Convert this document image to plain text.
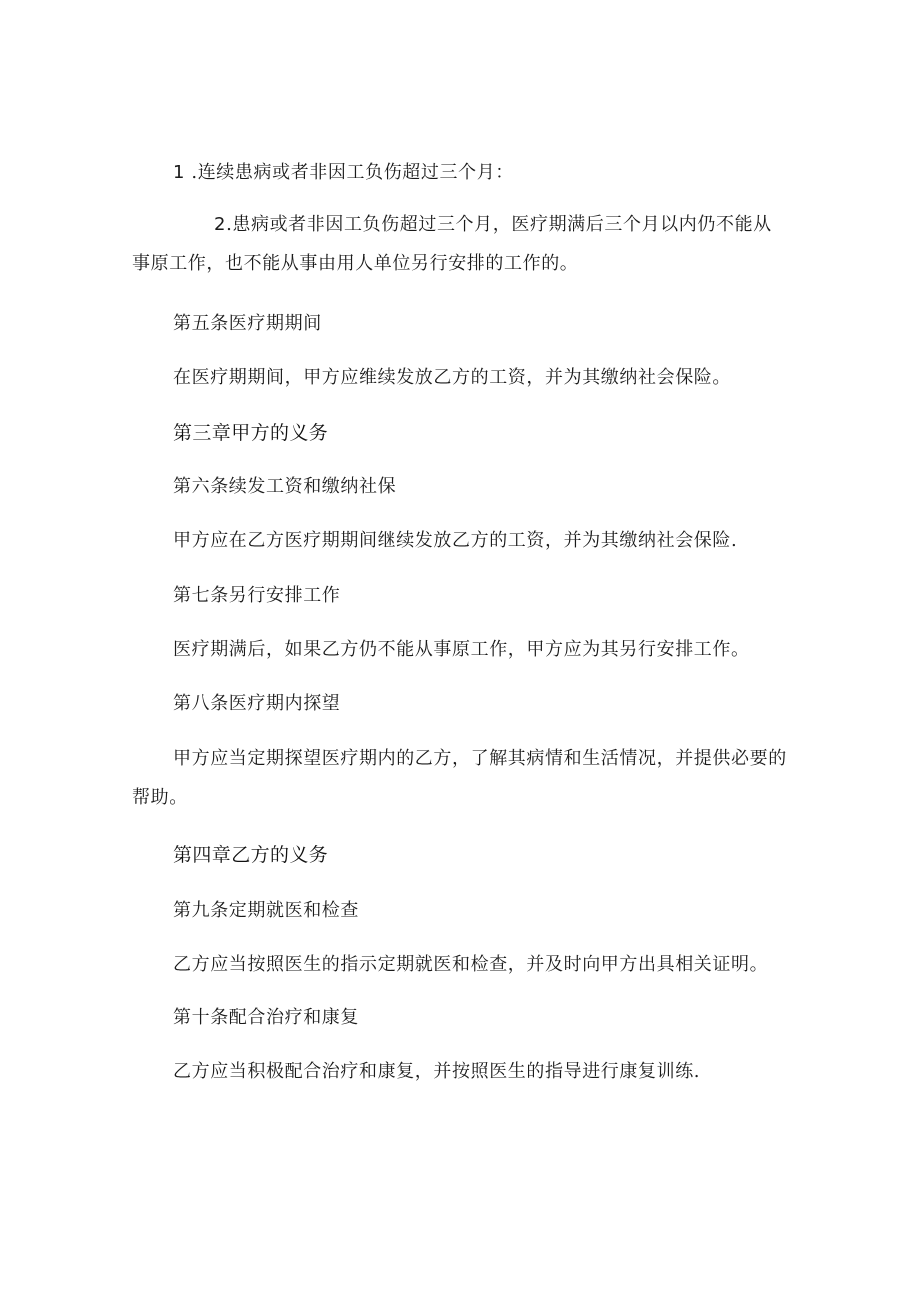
1 .连续患病或者非因工负伤超过三个月：
2.患病或者非因工负伤超过三个月，医疗期满后三个月以内仍不能从事原工作，也不能从事由用人单位另行安排的工作的。
第五条医疗期期间
在医疗期期间，甲方应维续发放乙方的工资，并为其缴纳社会保险。
第三章甲方的义务
第六条续发工资和缴纳社保
甲方应在乙方医疗期期间继续发放乙方的工资，并为其缴纳社会保险.
第七条另行安排工作
医疗期满后，如果乙方仍不能从事原工作，甲方应为其另行安排工作。
第八条医疗期内探望
甲方应当定期探望医疗期内的乙方，了解其病情和生活情况，并提供必要的帮助。
第四章乙方的义务
第九条定期就医和检查
乙方应当按照医生的指示定期就医和检查，并及时向甲方出具相关证明。
第十条配合治疗和康复
乙方应当积极配合治疗和康复，并按照医生的指导进行康复训练.
